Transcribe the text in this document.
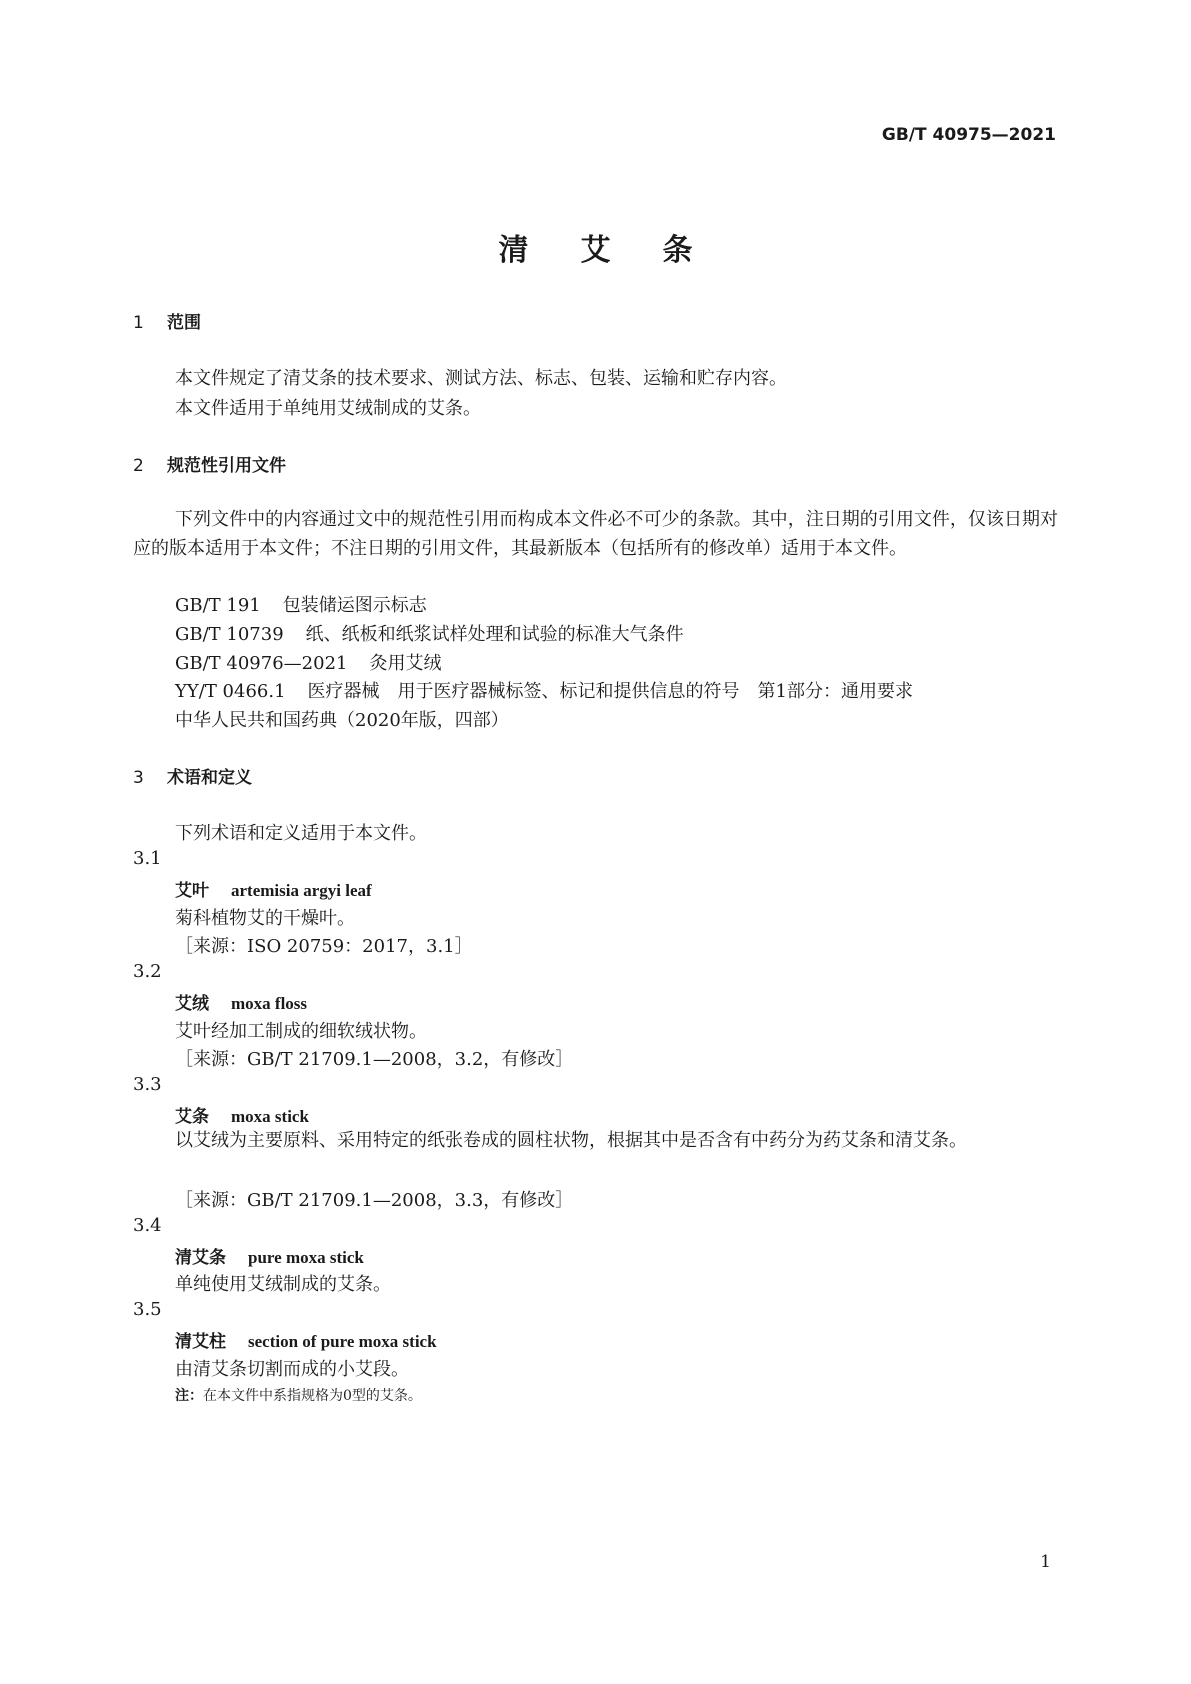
GB/T 40975—2021
清艾条
1 范围
本文件规定了清艾条的技术要求、测试方法、标志、包装、运输和贮存内容。
本文件适用于单纯用艾绒制成的艾条。
2 规范性引用文件
下列文件中的内容通过文中的规范性引用而构成本文件必不可少的条款。其中，注日期的引用文件，仅该日期对应的版本适用于本文件；不注日期的引用文件，其最新版本（包括所有的修改单）适用于本文件。
GB/T 191 包装储运图示标志
GB/T 10739 纸、纸板和纸浆试样处理和试验的标准大气条件
GB/T 40976—2021 灸用艾绒
YY/T 0466.1 医疗器械　用于医疗器械标签、标记和提供信息的符号　第1部分：通用要求
中华人民共和国药典（2020年版，四部）
3 术语和定义
下列术语和定义适用于本文件。
3.1
艾叶 artemisia argyi leaf
菊科植物艾的干燥叶。
［来源：ISO 20759：2017，3.1］
3.2
艾绒 moxa floss
艾叶经加工制成的细软绒状物。
［来源：GB/T 21709.1—2008，3.2，有修改］
3.3
艾条 moxa stick
以艾绒为主要原料、采用特定的纸张卷成的圆柱状物，根据其中是否含有中药分为药艾条和清艾条。
［来源：GB/T 21709.1—2008，3.3，有修改］
3.4
清艾条 pure moxa stick
单纯使用艾绒制成的艾条。
3.5
清艾柱 section of pure moxa stick
由清艾条切割而成的小艾段。
注：在本文件中系指规格为0型的艾条。
1
